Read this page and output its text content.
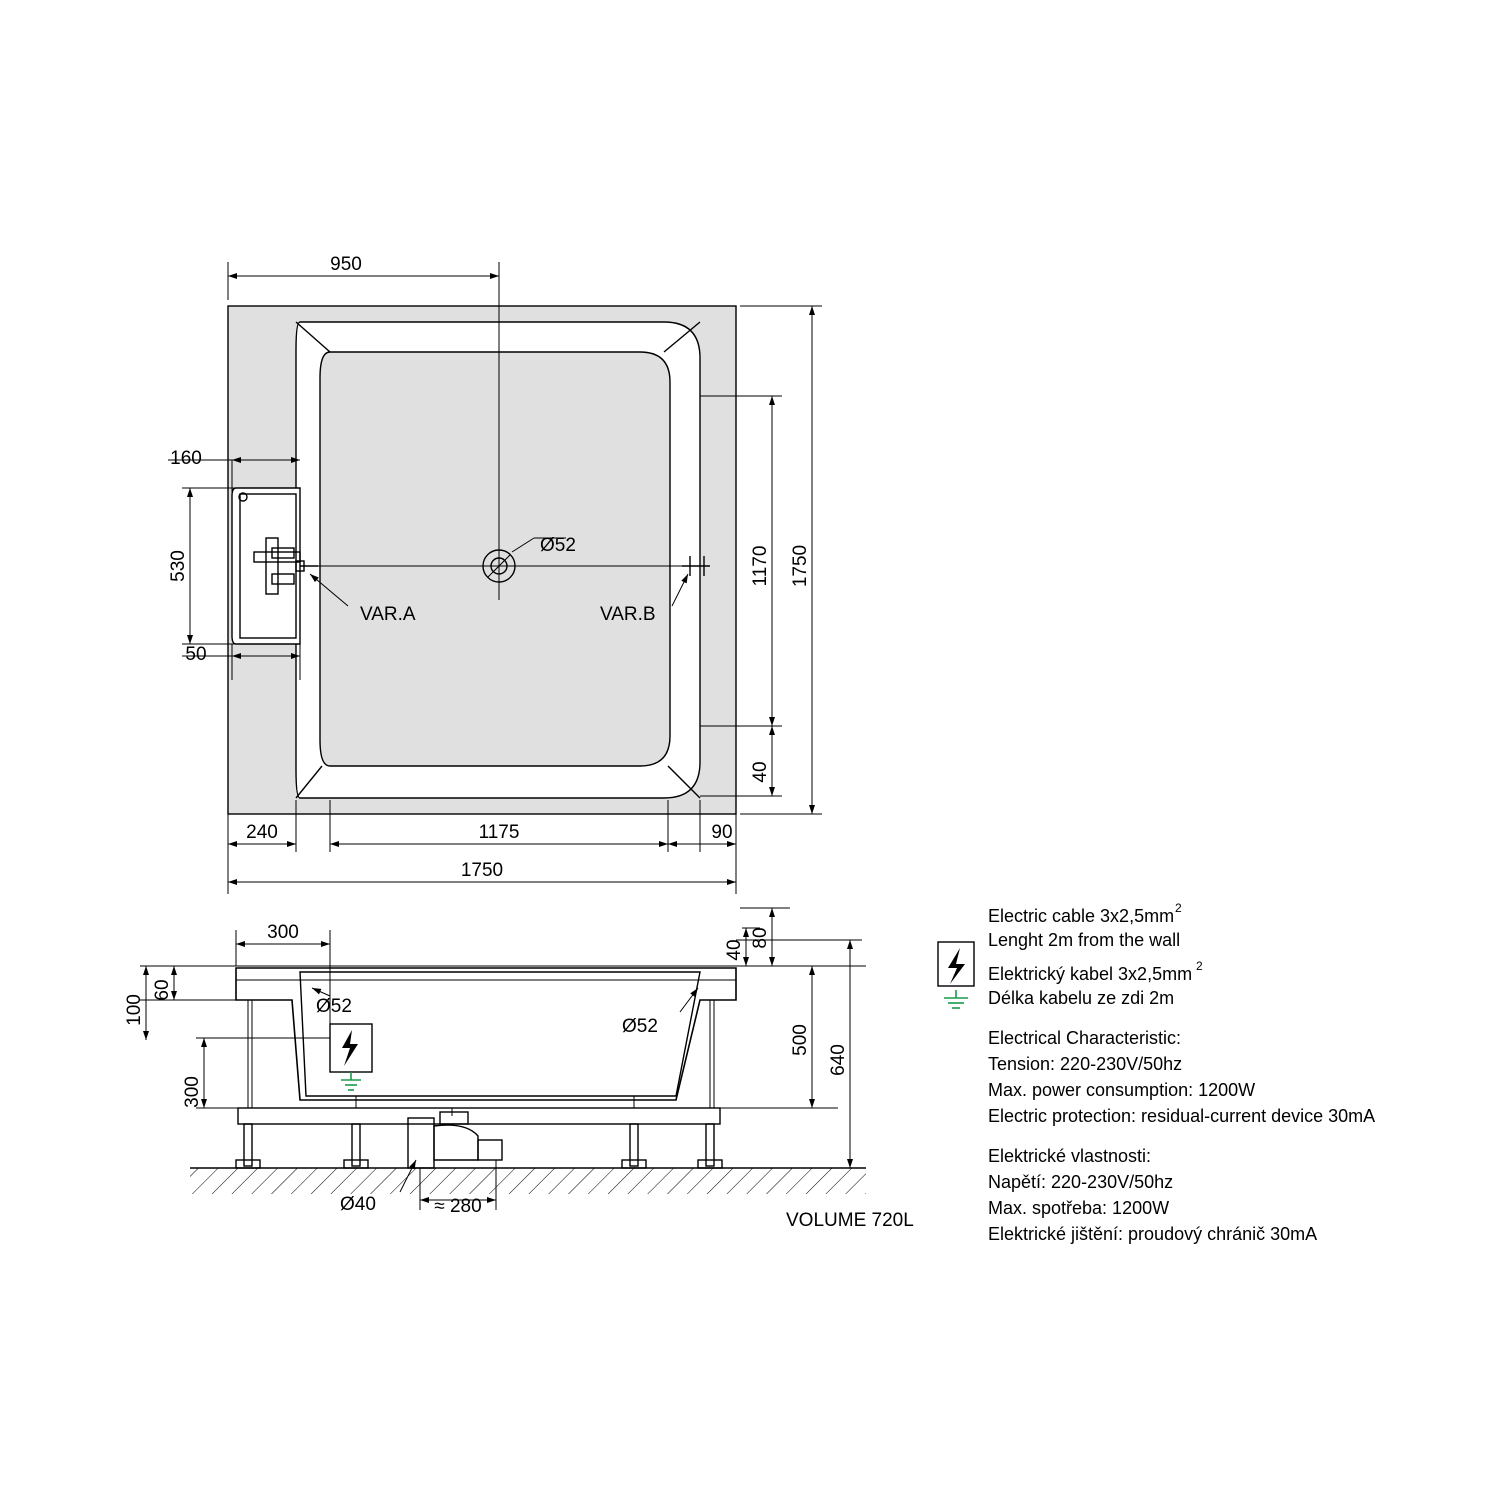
950
1750
240	1175	90
1750
1170
40
160
530
50
Ø52
VAR.A	VAR.B
Ø52
Ø52
Ø40	≈ 280
300
100
60
300
500
640
80
40
VOLUME 720L
Electric cable 3x2,5mm 2
Lenght 2m from the wall
Elektrický kabel 3x2,5mm 2
Délka kabelu ze zdi 2m
Electrical Characteristic:
Tension: 220-230V/50hz
Max. power consumption: 1200W
Electric protection: residual-current device 30mA
Elektrické vlastnosti:
Napětí: 220-230V/50hz
Max. spotřeba: 1200W
Elektrické jištění: proudový chránič 30mA
